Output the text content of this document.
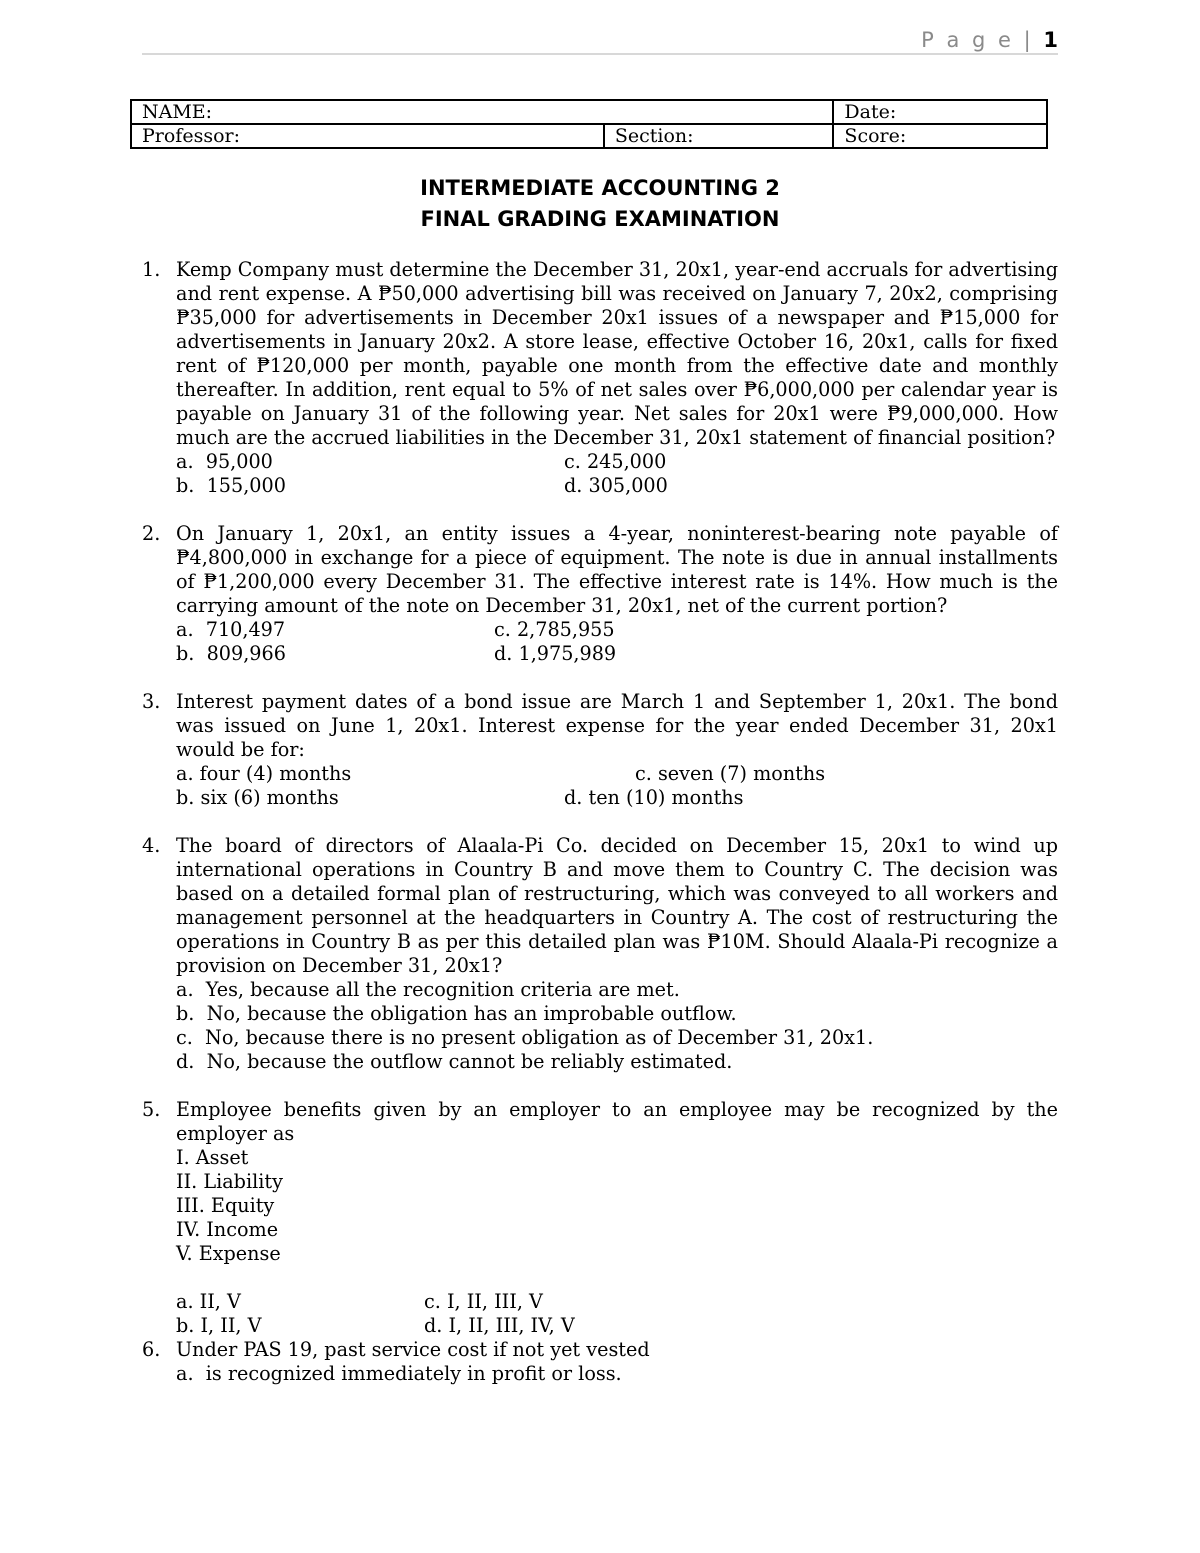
P a g e | 1
NAME:		Date:
Professor:	Section:	Score:
INTERMEDIATE ACCOUNTING 2
FINAL GRADING EXAMINATION
1. Kemp Company must determine the December 31, 20x1, year-end accruals for advertising and rent expense. A ₱50,000 advertising bill was received on January 7, 20x2, comprising ₱35,000 for advertisements in December 20x1 issues of a newspaper and ₱15,000 for advertisements in January 20x2. A store lease, effective October 16, 20x1, calls for fixed rent of ₱120,000 per month, payable one month from the effective date and monthly thereafter. In addition, rent equal to 5% of net sales over ₱6,000,000 per calendar year is payable on January 31 of the following year. Net sales for 20x1 were ₱9,000,000. How much are the accrued liabilities in the December 31, 20x1 statement of financial position?
a.  95,000	c. 245,000
b.  155,000	d. 305,000
2. On January 1, 20x1, an entity issues a 4-year, noninterest-bearing note payable of ₱4,800,000 in exchange for a piece of equipment. The note is due in annual installments of ₱1,200,000 every December 31. The effective interest rate is 14%. How much is the carrying amount of the note on December 31, 20x1, net of the current portion?
a.  710,497	c. 2,785,955
b.  809,966	d. 1,975,989
3. Interest payment dates of a bond issue are March 1 and September 1, 20x1. The bond was issued on June 1, 20x1. Interest expense for the year ended December 31, 20x1 would be for:
a. four (4) months	c. seven (7) months
b. six (6) months	d. ten (10) months
4. The board of directors of Alaala-Pi Co. decided on December 15, 20x1 to wind up international operations in Country B and move them to Country C. The decision was based on a detailed formal plan of restructuring, which was conveyed to all workers and management personnel at the headquarters in Country A. The cost of restructuring the operations in Country B as per this detailed plan was ₱10M. Should Alaala-Pi recognize a provision on December 31, 20x1?
a.  Yes, because all the recognition criteria are met.
b.  No, because the obligation has an improbable outflow.
c.  No, because there is no present obligation as of December 31, 20x1.
d.  No, because the outflow cannot be reliably estimated.
5. Employee benefits given by an employer to an employee may be recognized by the employer as
I. Asset
II. Liability
III. Equity
IV. Income
V. Expense
a. II, V	c. I, II, III, V
b. I, II, V	d. I, II, III, IV, V
6. Under PAS 19, past service cost if not yet vested
a.  is recognized immediately in profit or loss.
